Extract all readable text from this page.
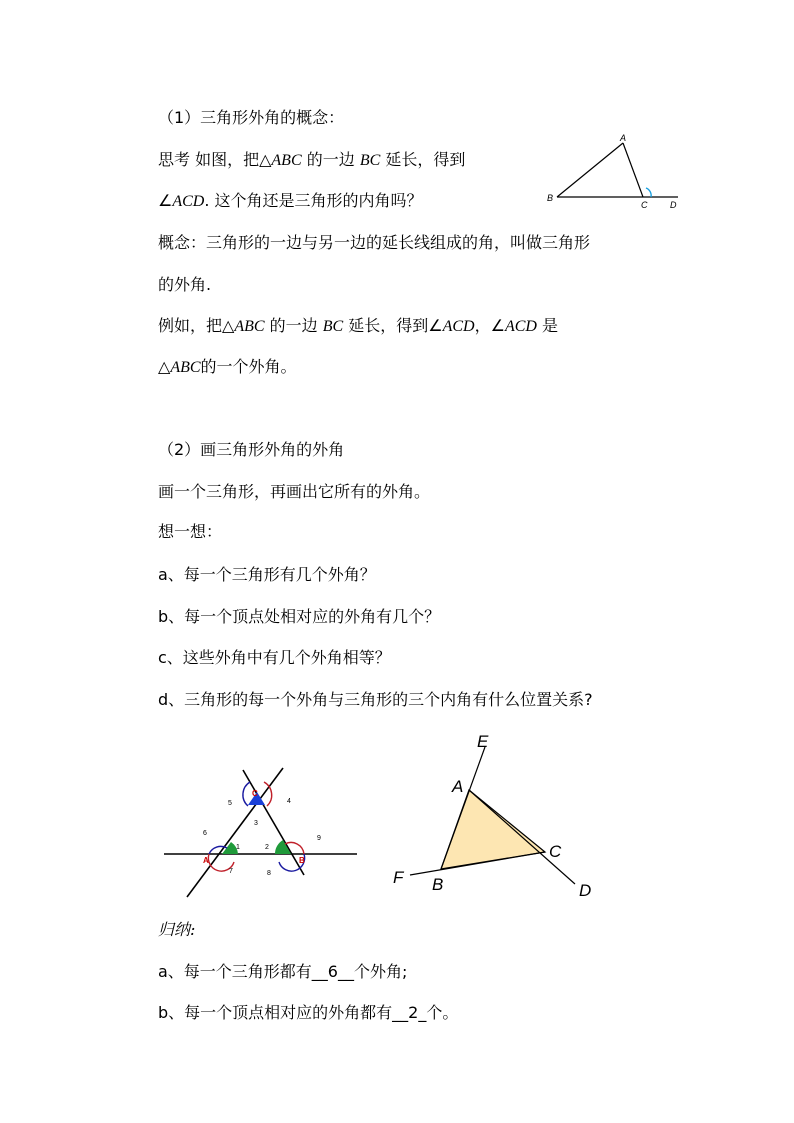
（1）三角形外角的概念：
思考 如图，把△ABC 的一边 BC 延长，得到
∠ACD. 这个角还是三角形的内角吗？
概念：三角形的一边与另一边的延长线组成的角，叫做三角形
的外角.
例如，把△ABC 的一边 BC 延长，得到∠ACD，∠ACD 是
△ABC的一个外角。
A
B
C	D
（2）画三角形外角的外角
画一个三角形，再画出它所有的外角。
想一想：
a、每一个三角形有几个外角？
b、每一个顶点处相对应的外角有几个？
c、这些外角中有几个外角相等？
d、三角形的每一个外角与三角形的三个内角有什么位置关系?
C
A	B
1	2
3
4
5
6
7	8
9
E
A
C
F B	D
归纳:
a、每一个三角形都有__6__个外角;
b、每一个顶点相对应的外角都有__2_个。
